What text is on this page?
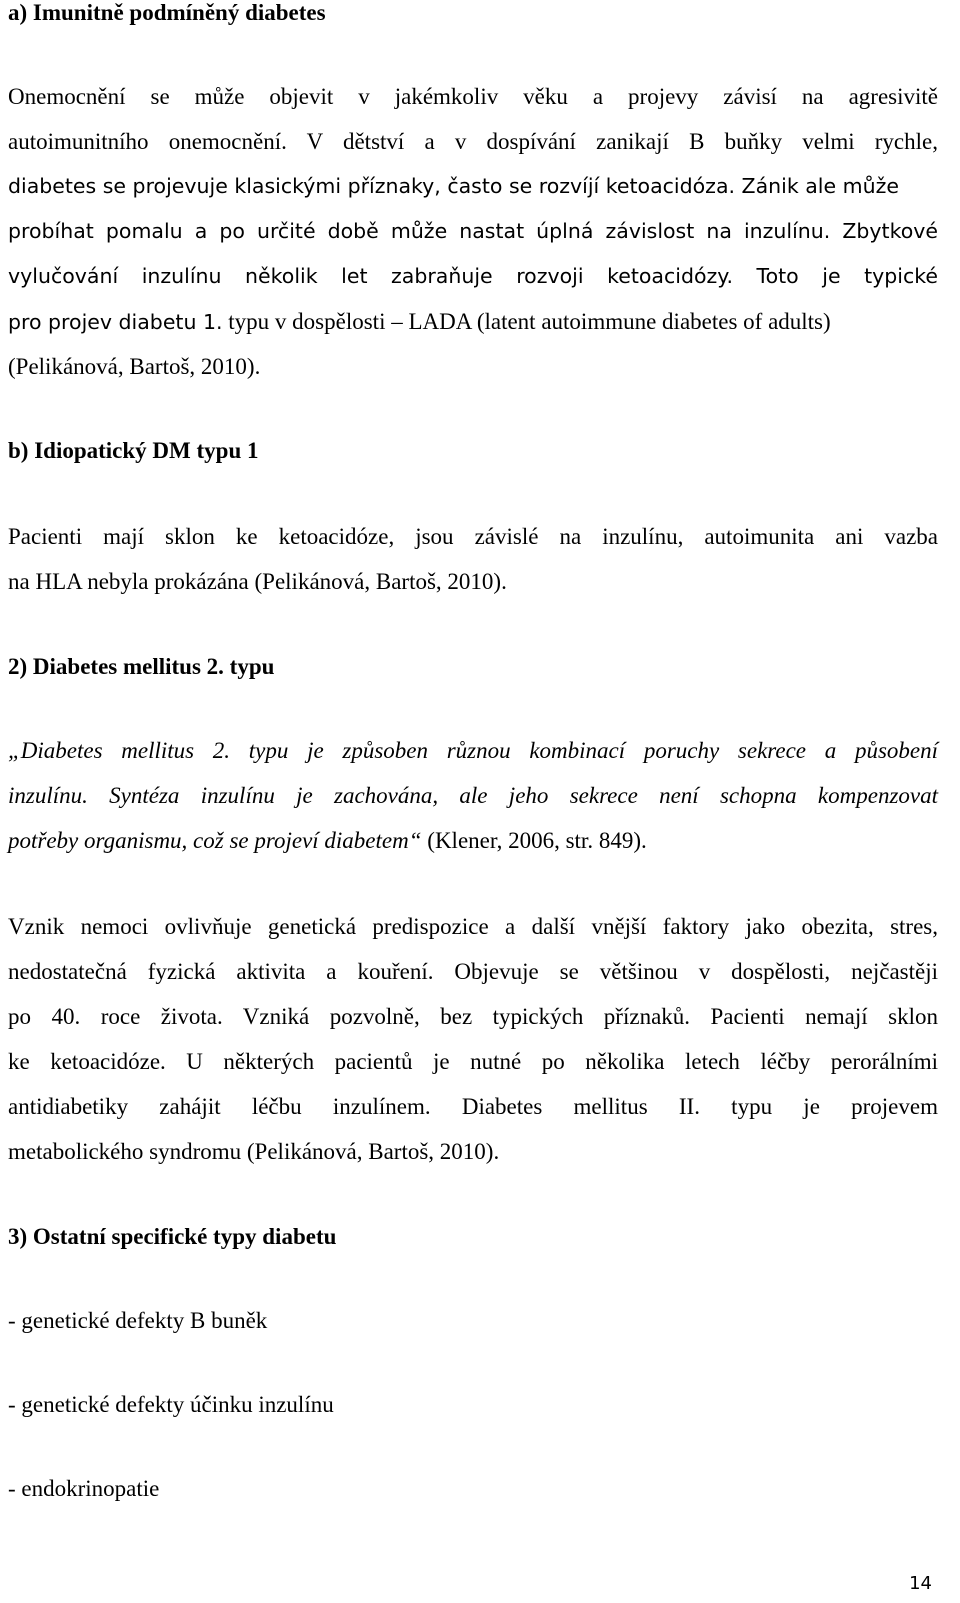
a) Imunitně podmíněný diabetes

Onemocnění se může objevit v jakémkoliv věku a projevy závisí na agresivitě
autoimunitního onemocnění. V dětství a v dospívání zanikají B buňky velmi rychle,
diabetes se projevuje klasickými příznaky, často se rozvíjí ketoacidóza. Zánik ale může
probíhat pomalu a po určité době může nastat úplná závislost na inzulínu. Zbytkové
vylučování inzulínu několik let zabraňuje rozvoji ketoacidózy. Toto je typické
pro projev diabetu 1. typu v dospělosti – LADA (latent autoimmune diabetes of adults)
(Pelikánová, Bartoš, 2010).

b) Idiopatický DM typu 1

Pacienti mají sklon ke ketoacidóze, jsou závislé na inzulínu, autoimunita ani vazba
na HLA nebyla prokázána (Pelikánová, Bartoš, 2010).

2) Diabetes mellitus 2. typu

„Diabetes mellitus 2. typu je způsoben různou kombinací poruchy sekrece a působení
inzulínu. Syntéza inzulínu je zachována, ale jeho sekrece není schopna kompenzovat
potřeby organismu, což se projeví diabetem“ (Klener, 2006, str. 849).
Vznik nemoci ovlivňuje genetická predispozice a další vnější faktory jako obezita, stres,
nedostatečná fyzická aktivita a kouření. Objevuje se většinou v dospělosti, nejčastěji
po 40. roce života. Vzniká pozvolně, bez typických příznaků. Pacienti nemají sklon
ke ketoacidóze. U některých pacientů je nutné po několika letech léčby perorálními
antidiabetiky zahájit léčbu inzulínem. Diabetes mellitus II. typu je projevem
metabolického syndromu (Pelikánová, Bartoš, 2010).

3) Ostatní specifické typy diabetu

- genetické defekty B buněk
- genetické defekty účinku inzulínu
- endokrinopatie
14
